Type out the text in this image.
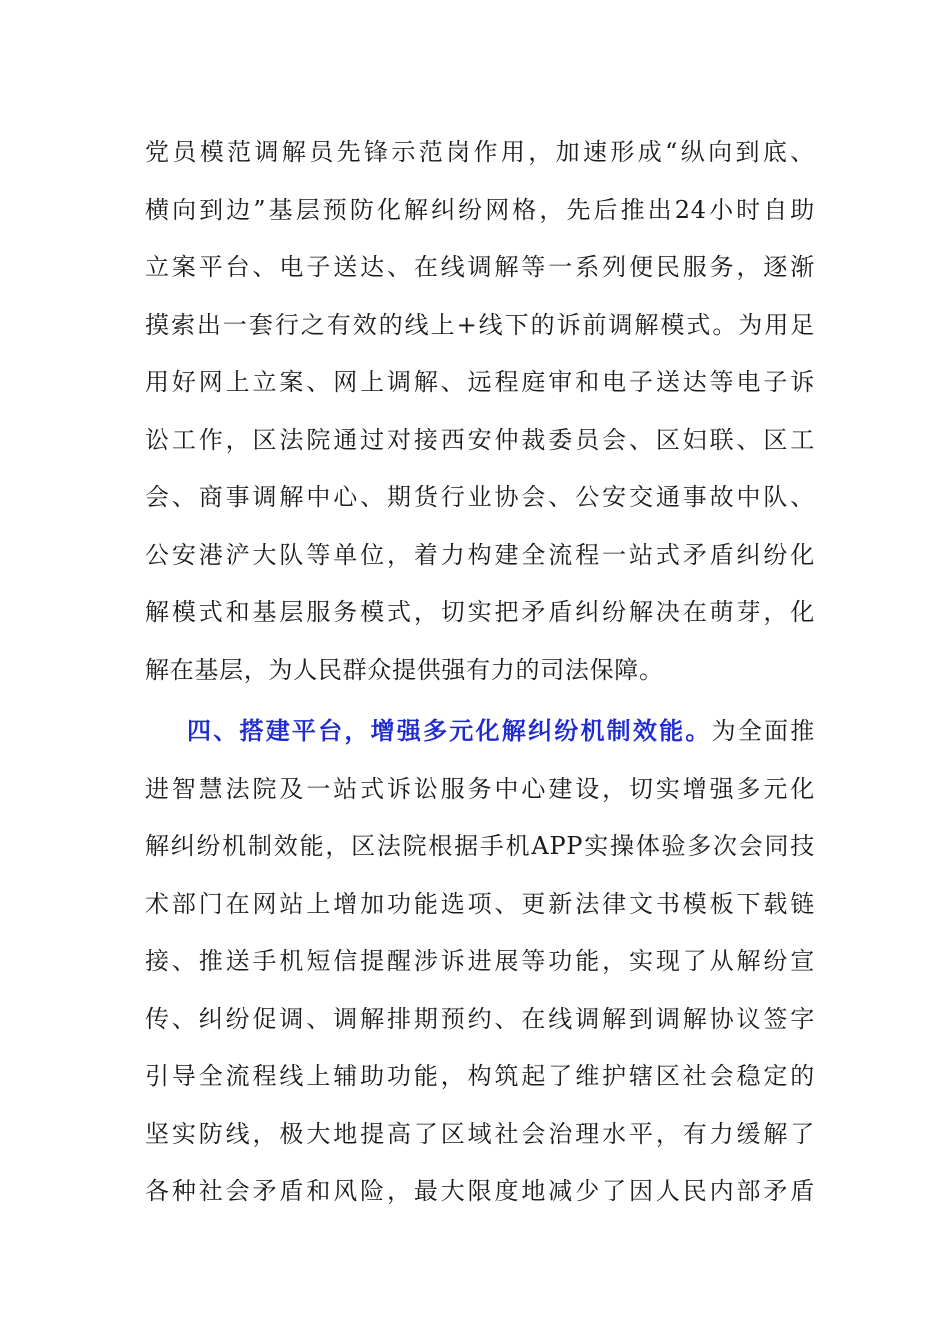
党员模范调解员先锋示范岗作用，加速形成“纵向到底、
横向到边”基层预防化解纠纷网格，先后推出24小时自助
立案平台、电子送达、在线调解等一系列便民服务，逐渐
摸索出一套行之有效的线上+线下的诉前调解模式。为用足
用好网上立案、网上调解、远程庭审和电子送达等电子诉
讼工作，区法院通过对接西安仲裁委员会、区妇联、区工
会、商事调解中心、期货行业协会、公安交通事故中队、
公安港浐大队等单位，着力构建全流程一站式矛盾纠纷化
解模式和基层服务模式，切实把矛盾纠纷解决在萌芽，化
解在基层，为人民群众提供强有力的司法保障。
四、搭建平台，增强多元化解纠纷机制效能。为全面推
进智慧法院及一站式诉讼服务中心建设，切实增强多元化
解纠纷机制效能，区法院根据手机APP实操体验多次会同技
术部门在网站上增加功能选项、更新法律文书模板下载链
接、推送手机短信提醒涉诉进展等功能，实现了从解纷宣
传、纠纷促调、调解排期预约、在线调解到调解协议签字
引导全流程线上辅助功能，构筑起了维护辖区社会稳定的
坚实防线，极大地提高了区域社会治理水平，有力缓解了
各种社会矛盾和风险，最大限度地减少了因人民内部矛盾
